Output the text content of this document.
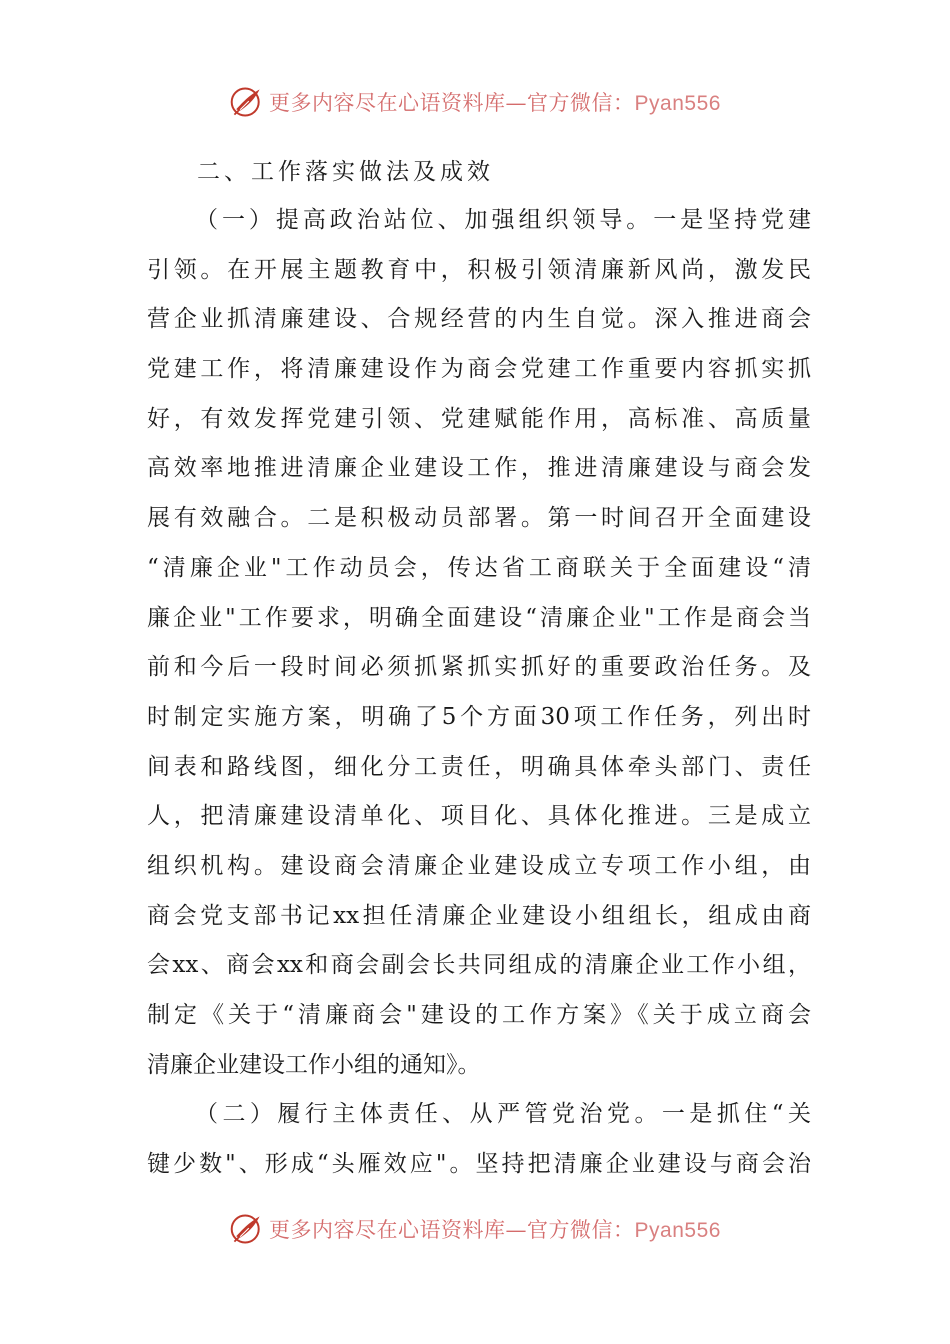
更多内容尽在心语资料库—官方微信：Pyan556
二、工作落实做法及成效
（一）提高政治站位、加强组织领导。一是坚持党建
引领。在开展主题教育中，积极引领清廉新风尚，激发民
营企业抓清廉建设、合规经营的内生自觉。深入推进商会
党建工作，将清廉建设作为商会党建工作重要内容抓实抓
好，有效发挥党建引领、党建赋能作用，高标准、高质量
高效率地推进清廉企业建设工作，推进清廉建设与商会发
展有效融合。二是积极动员部署。第一时间召开全面建设
“清廉企业"工作动员会，传达省工商联关于全面建设“清
廉企业"工作要求，明确全面建设“清廉企业"工作是商会当
前和今后一段时间必须抓紧抓实抓好的重要政治任务。及
时制定实施方案，明确了5个方面30项工作任务，列出时
间表和路线图，细化分工责任，明确具体牵头部门、责任
人，把清廉建设清单化、项目化、具体化推进。三是成立
组织机构。建设商会清廉企业建设成立专项工作小组，由
商会党支部书记xx担任清廉企业建设小组组长，组成由商
会xx、商会xx和商会副会长共同组成的清廉企业工作小组，
制定《关于“清廉商会"建设的工作方案》《关于成立商会
清廉企业建设工作小组的通知》。
（二）履行主体责任、从严管党治党。一是抓住“关
键少数"、形成“头雁效应"。坚持把清廉企业建设与商会治
更多内容尽在心语资料库—官方微信：Pyan556
